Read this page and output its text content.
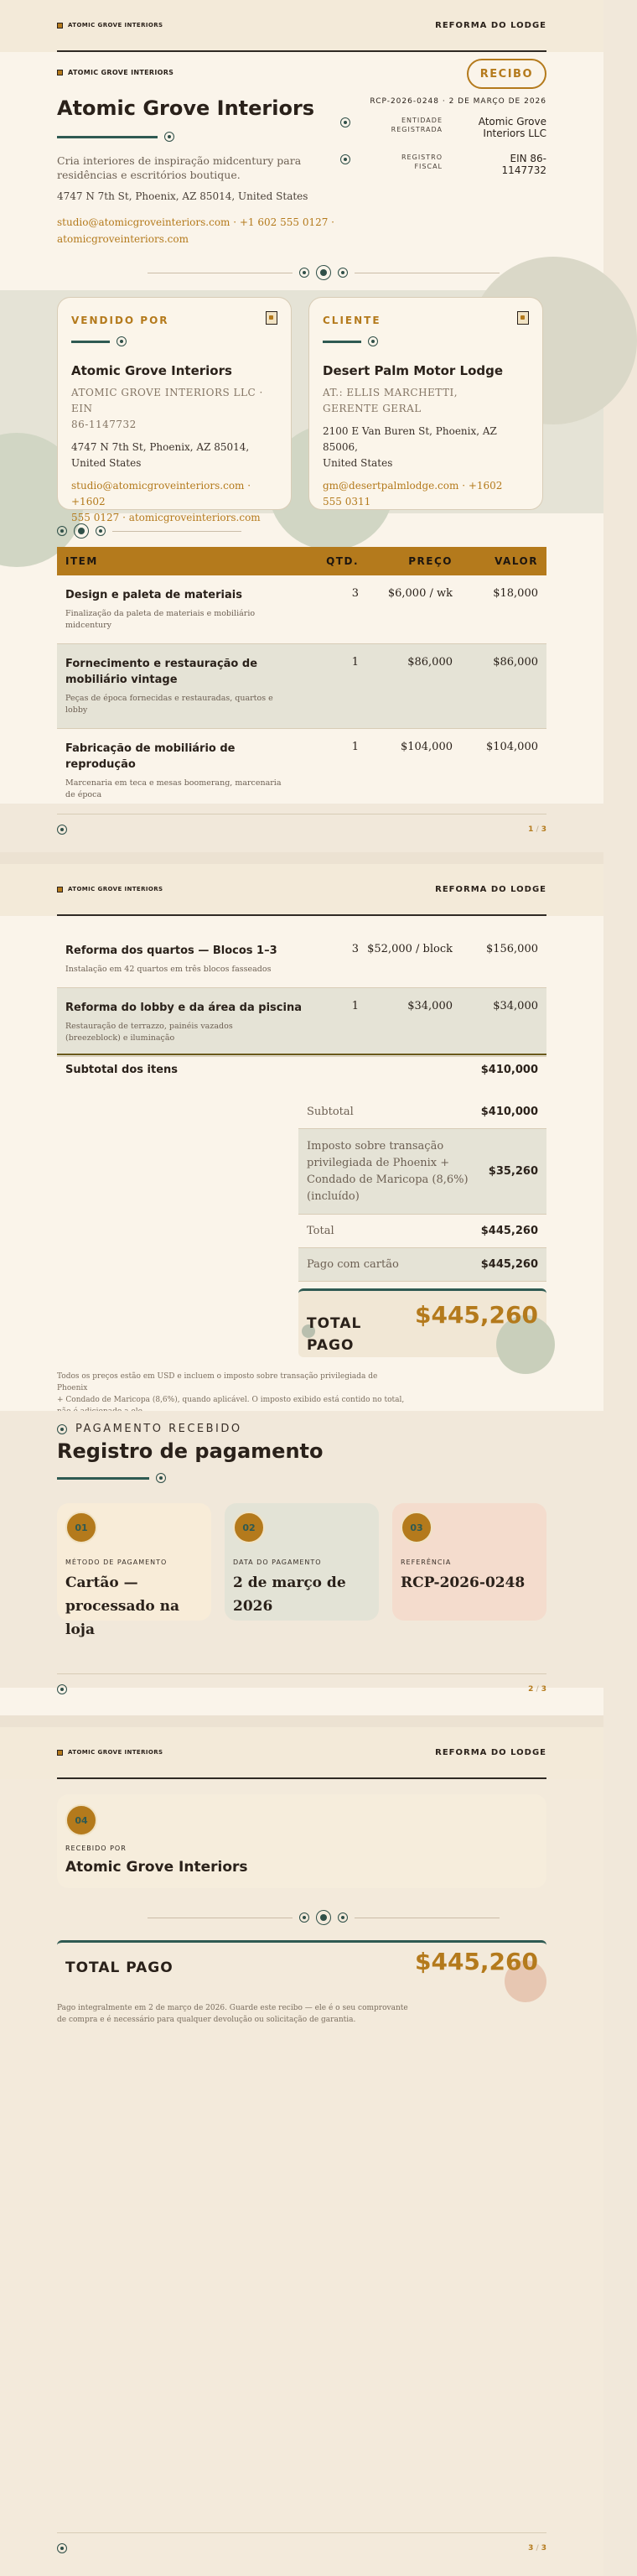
ATOMIC GROVE INTERIORS	REFORMA DO LODGE
ATOMIC GROVE INTERIORS
Atomic Grove Interiors
Cria interiores de inspiração midcentury para residências e escritórios boutique.
4747 N 7th St, Phoenix, AZ 85014, United States
studio@atomicgroveinteriors.com · +1 602 555 0127 ·
atomicgroveinteriors.com
RECIBO
RCP-2026-0248 · 2 DE MARÇO DE 2026
ENTIDADE
REGISTRADA
Atomic Grove
Interiors LLC
REGISTRO
FISCAL
EIN 86-
1147732
VENDIDO POR
Atomic Grove Interiors
ATOMIC GROVE INTERIORS LLC · EIN
86-1147732
4747 N 7th St, Phoenix, AZ 85014,
United States
studio@atomicgroveinteriors.com · +1602
555 0127 · atomicgroveinteriors.com
CLIENTE
Desert Palm Motor Lodge
AT.: ELLIS MARCHETTI,
GERENTE GERAL
2100 E Van Buren St, Phoenix, AZ 85006,
United States
gm@desertpalmlodge.com · +1602
555 0311
ITEM	QTD.	PREÇO	VALOR
Design e paleta de materiais
Finalização da paleta de materiais e mobiliário
midcentury
3	$6,000 / wk	$18,000
Fornecimento e restauração de
mobiliário vintage
Peças de época fornecidas e restauradas, quartos e
lobby
1	$86,000	$86,000
Fabricação de mobiliário de
reprodução
Marcenaria em teca e mesas boomerang, marcenaria
de época
1	$104,000	$104,000
1 / 3
ATOMIC GROVE INTERIORS	REFORMA DO LODGE
Reforma dos quartos — Blocos 1–3
Instalação em 42 quartos em três blocos fasseados
3 $52,000 / block	$156,000
Reforma do lobby e da área da piscina
Restauração de terrazzo, painéis vazados
(breezeblock) e iluminação
1	$34,000	$34,000
Subtotal dos itens	$410,000
Subtotal	$410,000
Imposto sobre transação
privilegiada de Phoenix +
Condado de Maricopa (8,6%)
(incluído)
$35,260
Total	$445,260
Pago com cartão	$445,260
TOTAL
PAGO
$445,260
Todos os preços estão em USD e incluem o imposto sobre transação privilegiada de Phoenix
+ Condado de Maricopa (8,6%), quando aplicável. O imposto exibido está contido no total,
PAGAMENTO RECEBIDO
Registro de pagamento
01
MÉTODO DE PAGAMENTO
Cartão —
processado na loja
02
DATA DO PAGAMENTO
2 de março de 2026
03
REFERÊNCIA
RCP-2026-0248
2 / 3
ATOMIC GROVE INTERIORS	REFORMA DO LODGE
04
RECEBIDO POR
Atomic Grove Interiors
TOTAL PAGO	$445,260
Pago integralmente em 2 de março de 2026. Guarde este recibo — ele é o seu comprovante
de compra e é necessário para qualquer devolução ou solicitação de garantia.
3 / 3
